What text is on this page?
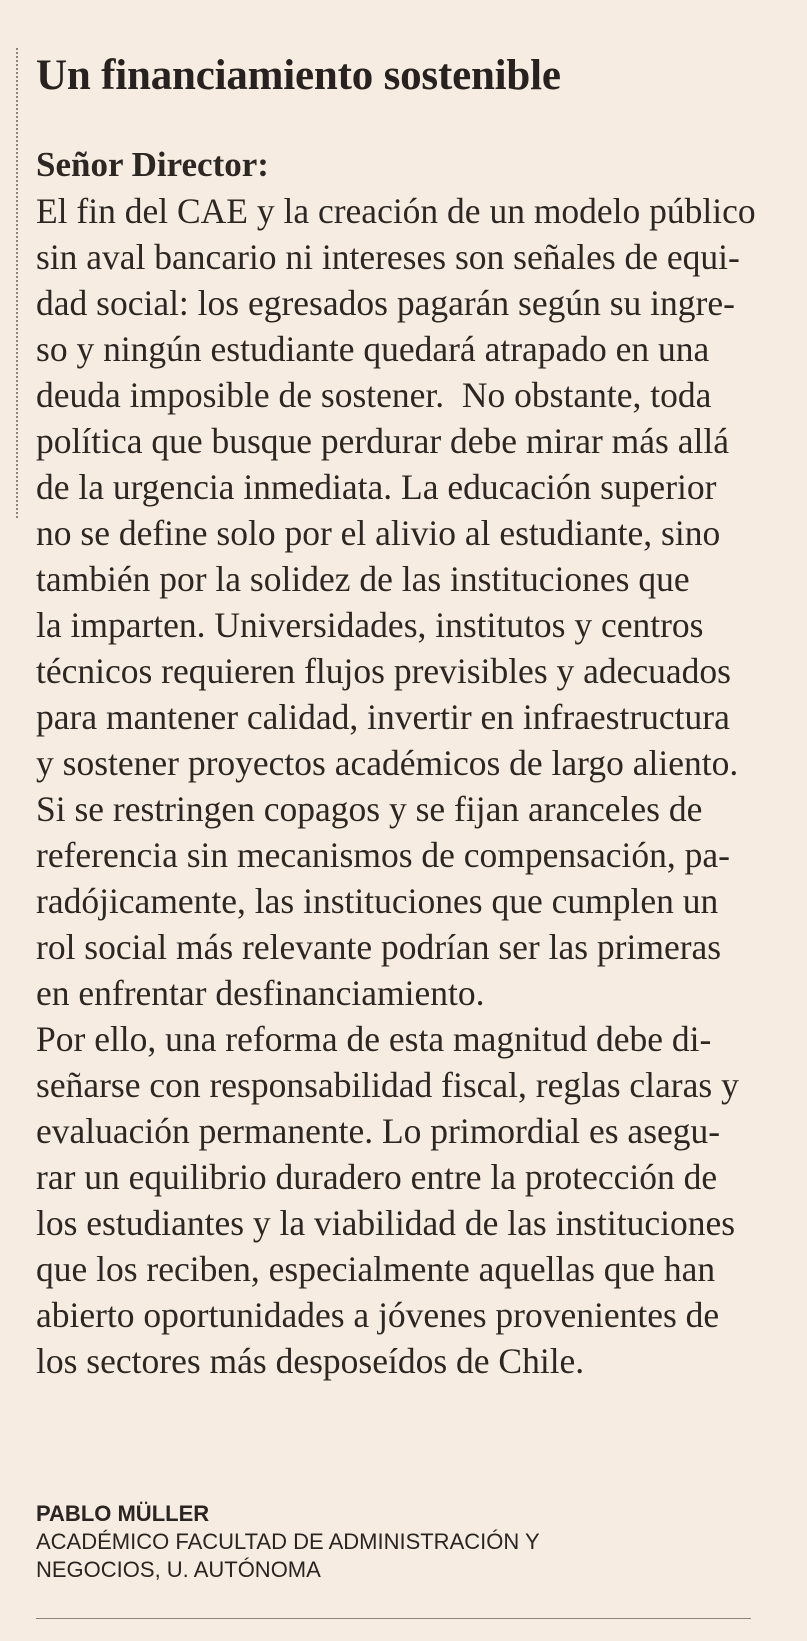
Un financiamiento sostenible
Señor Director:
El fin del CAE y la creación de un modelo público
sin aval bancario ni intereses son señales de equi-
dad social: los egresados pagarán según su ingre-
so y ningún estudiante quedará atrapado en una
deuda imposible de sostener.  No obstante, toda
política que busque perdurar debe mirar más allá
de la urgencia inmediata. La educación superior
no se define solo por el alivio al estudiante, sino
también por la solidez de las instituciones que
la imparten. Universidades, institutos y centros
técnicos requieren flujos previsibles y adecuados
para mantener calidad, invertir en infraestructura
y sostener proyectos académicos de largo aliento.
Si se restringen copagos y se fijan aranceles de
referencia sin mecanismos de compensación, pa-
radójicamente, las instituciones que cumplen un
rol social más relevante podrían ser las primeras
en enfrentar desfinanciamiento.
Por ello, una reforma de esta magnitud debe di-
señarse con responsabilidad fiscal, reglas claras y
evaluación permanente. Lo primordial es asegu-
rar un equilibrio duradero entre la protección de
los estudiantes y la viabilidad de las instituciones
que los reciben, especialmente aquellas que han
abierto oportunidades a jóvenes provenientes de
los sectores más desposeídos de Chile.
PABLO MÜLLER
ACADÉMICO FACULTAD DE ADMINISTRACIÓN Y
NEGOCIOS, U. AUTÓNOMA
